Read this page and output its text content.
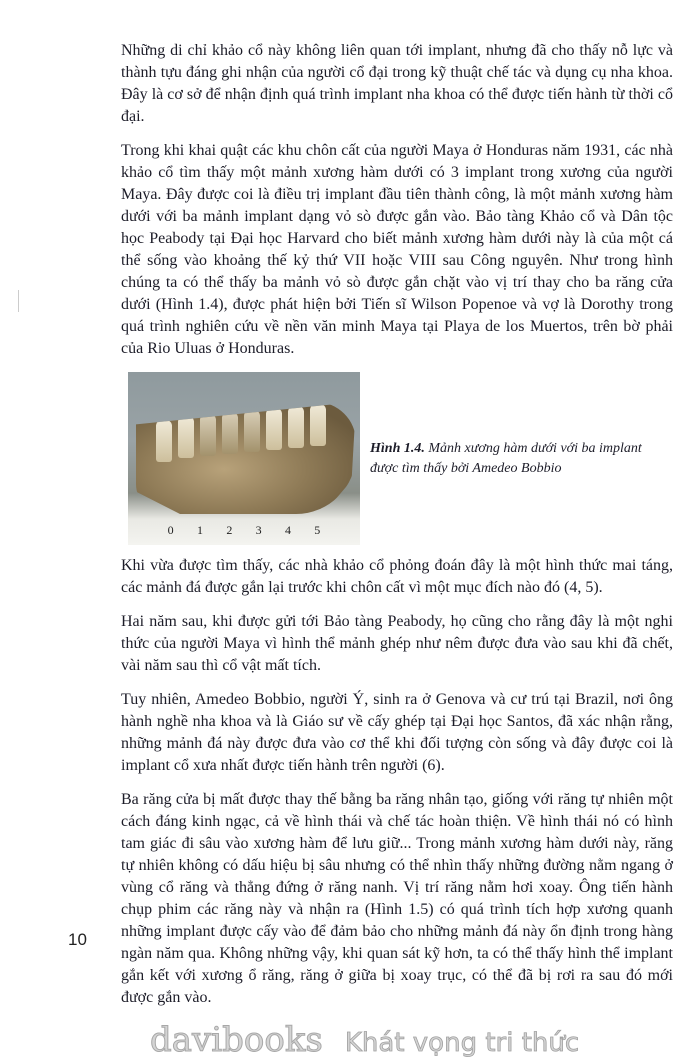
Những di chỉ khảo cổ này không liên quan tới implant, nhưng đã cho thấy nỗ lực và thành tựu đáng ghi nhận của người cổ đại trong kỹ thuật chế tác và dụng cụ nha khoa. Đây là cơ sở để nhận định quá trình implant nha khoa có thể được tiến hành từ thời cổ đại.

Trong khi khai quật các khu chôn cất của người Maya ở Honduras năm 1931, các nhà khảo cổ tìm thấy một mảnh xương hàm dưới có 3 implant trong xương của người Maya. Đây được coi là điều trị implant đầu tiên thành công, là một mảnh xương hàm dưới với ba mảnh implant dạng vỏ sò được gắn vào. Bảo tàng Khảo cổ và Dân tộc học Peabody tại Đại học Harvard cho biết mảnh xương hàm dưới này là của một cá thể sống vào khoảng thế kỷ thứ VII hoặc VIII sau Công nguyên. Như trong hình chúng ta có thể thấy ba mảnh vỏ sò được gắn chặt vào vị trí thay cho ba răng cửa dưới (Hình 1.4), được phát hiện bởi Tiến sĩ Wilson Popenoe và vợ là Dorothy trong quá trình nghiên cứu về nền văn minh Maya tại Playa de los Muertos, trên bờ phải của Rio Uluas ở Honduras.

0 1 2 3 4 5
Hình 1.4. Mảnh xương hàm dưới với ba implant được tìm thấy bởi Amedeo Bobbio

Khi vừa được tìm thấy, các nhà khảo cổ phỏng đoán đây là một hình thức mai táng, các mảnh đá được gắn lại trước khi chôn cất vì một mục đích nào đó (4, 5).

Hai năm sau, khi được gửi tới Bảo tàng Peabody, họ cũng cho rằng đây là một nghi thức của người Maya vì hình thể mảnh ghép như nêm được đưa vào sau khi đã chết, vài năm sau thì cổ vật mất tích.

Tuy nhiên, Amedeo Bobbio, người Ý, sinh ra ở Genova và cư trú tại Brazil, nơi ông hành nghề nha khoa và là Giáo sư về cấy ghép tại Đại học Santos, đã xác nhận rằng, những mảnh đá này được đưa vào cơ thể khi đối tượng còn sống và đây được coi là implant cổ xưa nhất được tiến hành trên người (6).

Ba răng cửa bị mất được thay thế bằng ba răng nhân tạo, giống với răng tự nhiên một cách đáng kinh ngạc, cả về hình thái và chế tác hoàn thiện. Về hình thái nó có hình tam giác đi sâu vào xương hàm để lưu giữ... Trong mảnh xương hàm dưới này, răng tự nhiên không có dấu hiệu bị sâu nhưng có thể nhìn thấy những đường nằm ngang ở vùng cổ răng và thẳng đứng ở răng nanh. Vị trí răng nằm hơi xoay. Ông tiến hành chụp phim các răng này và nhận ra (Hình 1.5) có quá trình tích hợp xương quanh những implant được cấy vào để đảm bảo cho những mảnh đá này ổn định trong hàng ngàn năm qua. Không những vậy, khi quan sát kỹ hơn, ta có thể thấy hình thể implant gắn kết với xương ổ răng, răng ở giữa bị xoay trục, có thể đã bị rơi ra sau đó mới được gắn vào.

davibooks Khát vọng tri thức
10
